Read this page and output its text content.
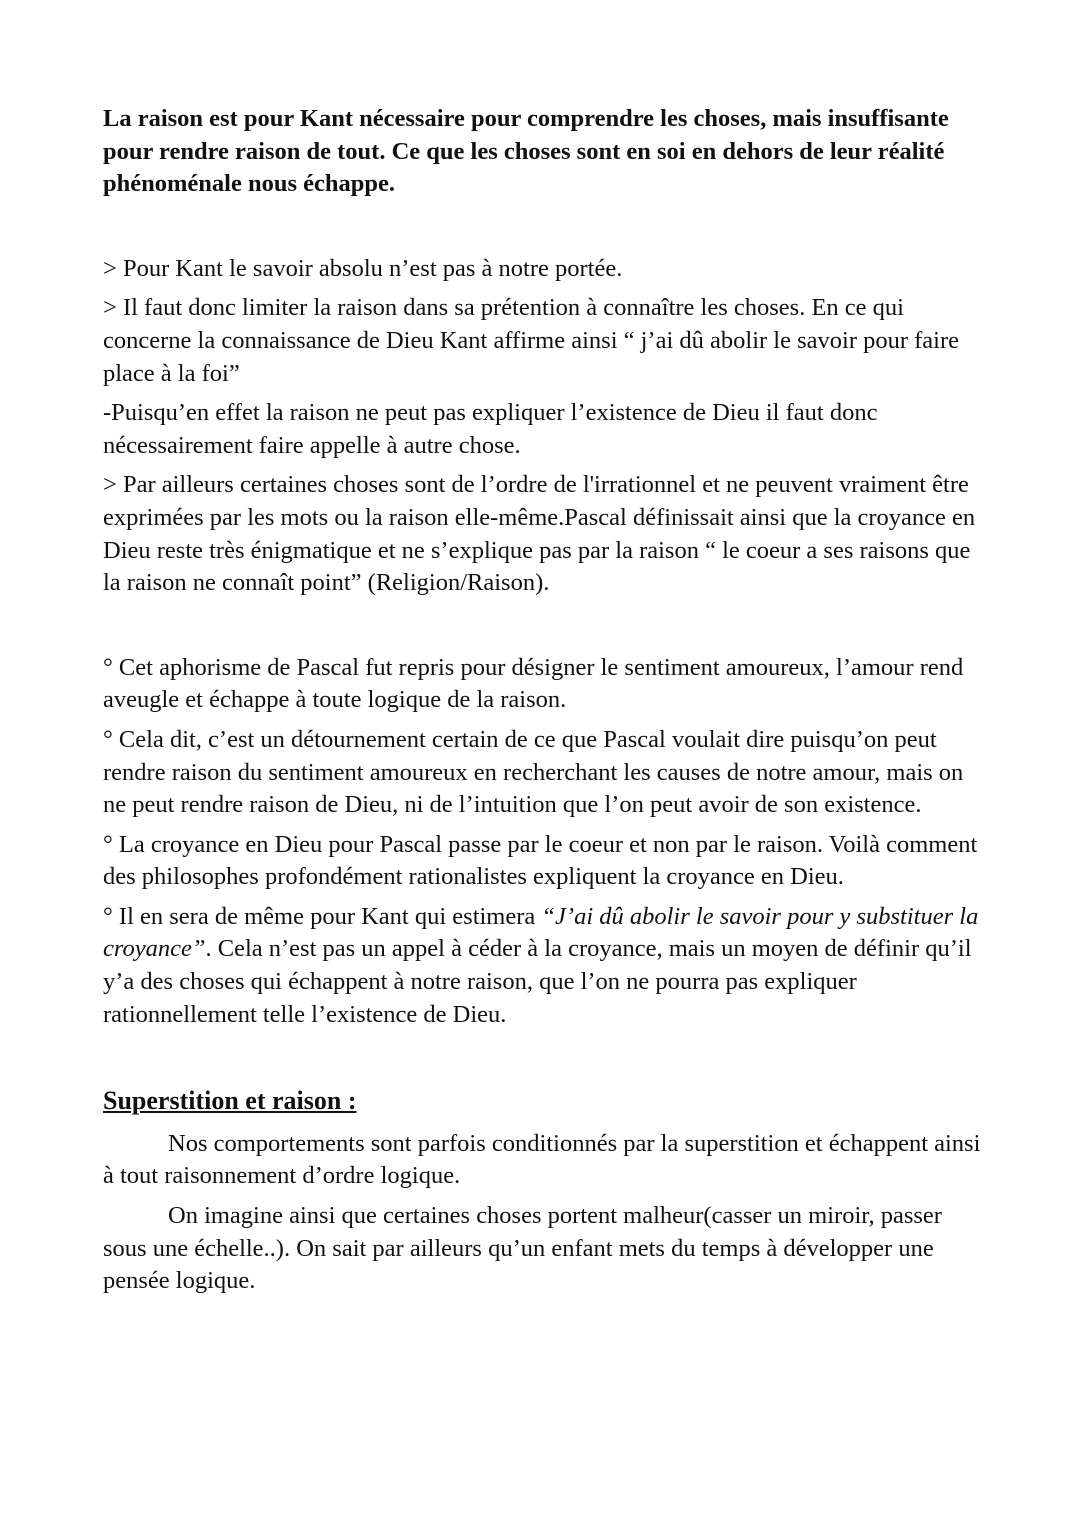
La raison est pour Kant nécessaire pour comprendre les choses, mais insuffisante pour rendre raison de tout. Ce que les choses sont en soi en dehors de leur réalité phénoménale nous échappe.

> Pour Kant le savoir absolu n’est pas à notre portée.

> Il faut donc limiter la raison dans sa prétention à connaître les choses. En ce qui concerne la connaissance de Dieu Kant affirme ainsi “ j’ai dû abolir le savoir pour faire place à la foi”

-Puisqu’en effet la raison ne peut pas expliquer l’existence de Dieu il faut donc nécessairement faire appelle à autre chose.

> Par ailleurs certaines choses sont de l’ordre de l'irrationnel et ne peuvent vraiment être exprimées par les mots ou la raison elle-même.Pascal définissait ainsi que la croyance en Dieu reste très énigmatique et ne s’explique pas par la raison “ le coeur a ses raisons que la raison ne connaît point” (Religion/Raison).

° Cet aphorisme de Pascal fut repris pour désigner le sentiment amoureux, l’amour rend aveugle et échappe à toute logique de la raison.

° Cela dit, c’est un détournement certain de ce que Pascal voulait dire puisqu’on peut rendre raison du sentiment amoureux en recherchant les causes de notre amour, mais on ne peut rendre raison de Dieu, ni de l’intuition que l’on peut avoir de son existence.

° La croyance en Dieu pour Pascal passe par le coeur et non par le raison. Voilà comment des philosophes profondément rationalistes expliquent la croyance en Dieu.

° Il en sera de même pour Kant qui estimera “J’ai dû abolir le savoir pour y substituer la croyance”. Cela n’est pas un appel à céder à la croyance, mais un moyen de définir qu’il y’a des choses qui échappent à notre raison, que l’on ne pourra pas expliquer rationnellement telle l’existence de Dieu.

Superstition et raison :

Nos comportements sont parfois conditionnés par la superstition et échappent ainsi à tout raisonnement d’ordre logique.

On imagine ainsi que certaines choses portent malheur(casser un miroir, passer sous une échelle..). On sait par ailleurs qu’un enfant mets du temps à développer une pensée logique.
